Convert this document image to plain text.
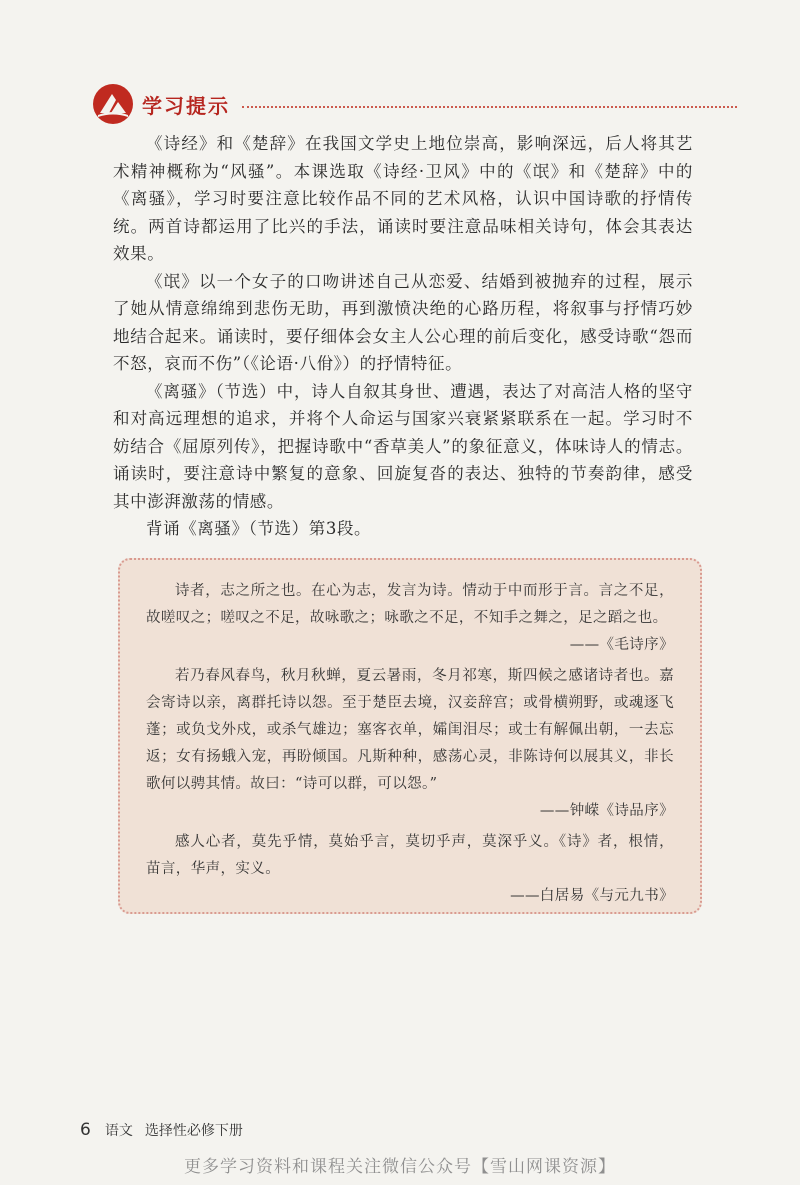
学习提示

《诗经》和《楚辞》在我国文学史上地位崇高，影响深远，后人将其艺术精神概称为“风骚”。本课选取《诗经·卫风》中的《氓》和《楚辞》中的《离骚》，学习时要注意比较作品不同的艺术风格，认识中国诗歌的抒情传统。两首诗都运用了比兴的手法，诵读时要注意品味相关诗句，体会其表达效果。

《氓》以一个女子的口吻讲述自己从恋爱、结婚到被抛弃的过程，展示了她从情意绵绵到悲伤无助，再到激愤决绝的心路历程，将叙事与抒情巧妙地结合起来。诵读时，要仔细体会女主人公心理的前后变化，感受诗歌“怨而不怒，哀而不伤”（《论语·八佾》）的抒情特征。

《离骚》（节选）中，诗人自叙其身世、遭遇，表达了对高洁人格的坚守和对高远理想的追求，并将个人命运与国家兴衰紧紧联系在一起。学习时不妨结合《屈原列传》，把握诗歌中“香草美人”的象征意义，体味诗人的情志。诵读时，要注意诗中繁复的意象、回旋复沓的表达、独特的节奏韵律，感受其中澎湃激荡的情感。

背诵《离骚》（节选）第3段。

诗者，志之所之也。在心为志，发言为诗。情动于中而形于言。言之不足，故嗟叹之；嗟叹之不足，故咏歌之；咏歌之不足，不知手之舞之，足之蹈之也。

——《毛诗序》

若乃春风春鸟，秋月秋蝉，夏云暑雨，冬月祁寒，斯四候之感诸诗者也。嘉会寄诗以亲，离群托诗以怨。至于楚臣去境，汉妾辞宫；或骨横朔野，或魂逐飞蓬；或负戈外戍，或杀气雄边；塞客衣单，孀闺泪尽；或士有解佩出朝，一去忘返；女有扬蛾入宠，再盼倾国。凡斯种种，感荡心灵，非陈诗何以展其义，非长歌何以骋其情。故曰：“诗可以群，可以怨。”

——钟嵘《诗品序》

感人心者，莫先乎情，莫始乎言，莫切乎声，莫深乎义。《诗》者，根情，苗言，华声，实义。

——白居易《与元九书》

6 语文 选择性必修下册
更多学习资料和课程关注微信公众号【雪山网课资源】
